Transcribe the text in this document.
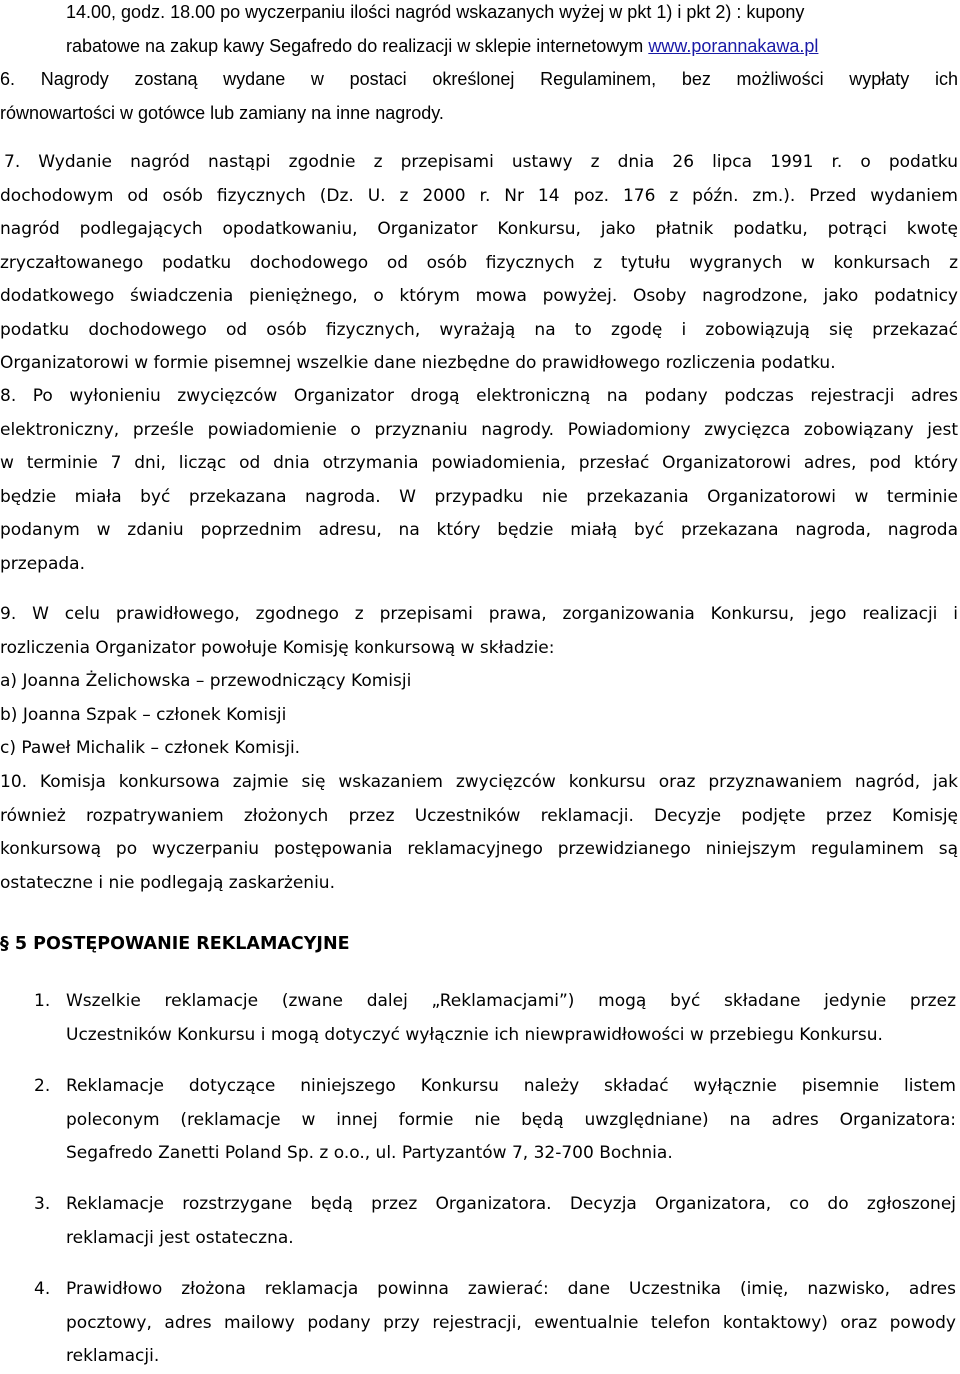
14.00, godz. 18.00 po wyczerpaniu ilości nagród wskazanych wyżej w pkt 1) i pkt 2) : kupony
rabatowe na zakup kawy Segafredo do realizacji w sklepie internetowym www.porannakawa.pl
6. Nagrody zostaną wydane w postaci określonej Regulaminem, bez możliwości wypłaty ich
równowartości w gotówce lub zamiany na inne nagrody.
7. Wydanie nagród nastąpi zgodnie z przepisami ustawy z dnia 26 lipca 1991 r. o podatku
dochodowym od osób fizycznych (Dz. U. z 2000 r. Nr 14 poz. 176 z późn. zm.). Przed wydaniem
nagród podlegających opodatkowaniu, Organizator Konkursu, jako płatnik podatku, potrąci kwotę
zryczałtowanego podatku dochodowego od osób fizycznych z tytułu wygranych w konkursach z
dodatkowego świadczenia pieniężnego, o którym mowa powyżej. Osoby nagrodzone, jako podatnicy
podatku dochodowego od osób fizycznych, wyrażają na to zgodę i zobowiązują się przekazać
Organizatorowi w formie pisemnej wszelkie dane niezbędne do prawidłowego rozliczenia podatku.
8. Po wyłonieniu zwycięzców Organizator drogą elektroniczną na podany podczas rejestracji adres
elektroniczny, prześle powiadomienie o przyznaniu nagrody. Powiadomiony zwycięzca zobowiązany jest
w terminie 7 dni, licząc od dnia otrzymania powiadomienia, przesłać Organizatorowi adres, pod który
będzie miała być przekazana nagroda. W przypadku nie przekazania Organizatorowi w terminie
podanym w zdaniu poprzednim adresu, na który będzie miałą być przekazana nagroda, nagroda
przepada.
9. W celu prawidłowego, zgodnego z przepisami prawa, zorganizowania Konkursu, jego realizacji i
rozliczenia Organizator powołuje Komisję konkursową w składzie:
a) Joanna Żelichowska – przewodniczący Komisji
b) Joanna Szpak – członek Komisji
c) Paweł Michalik – członek Komisji.
10. Komisja konkursowa zajmie się wskazaniem zwycięzców konkursu oraz przyznawaniem nagród, jak
również rozpatrywaniem złożonych przez Uczestników reklamacji. Decyzje podjęte przez Komisję
konkursową po wyczerpaniu postępowania reklamacyjnego przewidzianego niniejszym regulaminem są
ostateczne i nie podlegają zaskarżeniu.
§ 5 POSTĘPOWANIE REKLAMACYJNE
1. Wszelkie reklamacje (zwane dalej „Reklamacjami”) mogą być składane jedynie przez
Uczestników Konkursu i mogą dotyczyć wyłącznie ich niewprawidłowości w przebiegu Konkursu.
2. Reklamacje dotyczące niniejszego Konkursu należy składać wyłącznie pisemnie listem
poleconym (reklamacje w innej formie nie będą uwzględniane) na adres Organizatora:
Segafredo Zanetti Poland Sp. z o.o., ul. Partyzantów 7, 32-700 Bochnia.
3. Reklamacje rozstrzygane będą przez Organizatora. Decyzja Organizatora, co do zgłoszonej
reklamacji jest ostateczna.
4. Prawidłowo złożona reklamacja powinna zawierać: dane Uczestnika (imię, nazwisko, adres
pocztowy, adres mailowy podany przy rejestracji, ewentualnie telefon kontaktowy) oraz powody
reklamacji.
